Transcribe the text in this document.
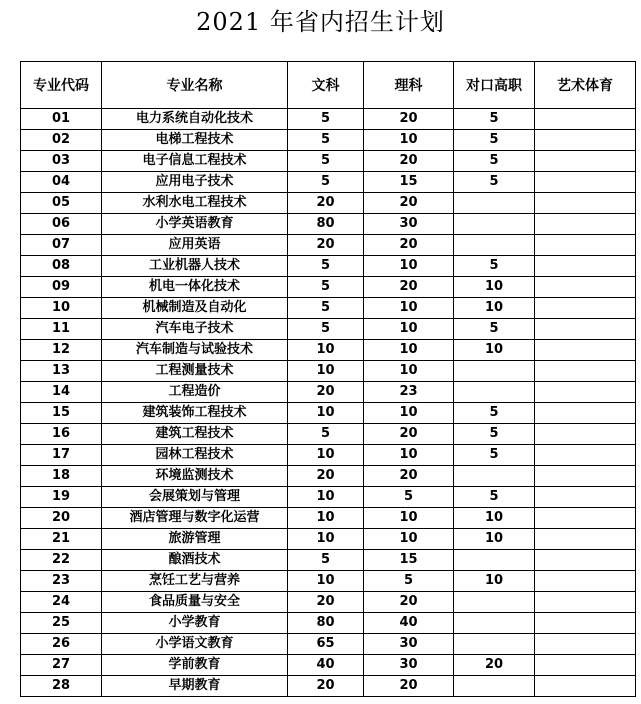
2021 年省内招生计划
专业代码	专业名称	文科	理科	对口高职	艺术体育
01	电力系统自动化技术	5	20	5	
02	电梯工程技术	5	10	5	
03	电子信息工程技术	5	20	5	
04	应用电子技术	5	15	5	
05	水利水电工程技术	20	20		
06	小学英语教育	80	30		
07	应用英语	20	20		
08	工业机器人技术	5	10	5	
09	机电一体化技术	5	20	10	
10	机械制造及自动化	5	10	10	
11	汽车电子技术	5	10	5	
12	汽车制造与试验技术	10	10	10	
13	工程测量技术	10	10		
14	工程造价	20	23		
15	建筑装饰工程技术	10	10	5	
16	建筑工程技术	5	20	5	
17	园林工程技术	10	10	5	
18	环境监测技术	20	20		
19	会展策划与管理	10	5	5	
20	酒店管理与数字化运营	10	10	10	
21	旅游管理	10	10	10	
22	酿酒技术	5	15		
23	烹饪工艺与营养	10	5	10	
24	食品质量与安全	20	20		
25	小学教育	80	40		
26	小学语文教育	65	30		
27	学前教育	40	30	20	
28	早期教育	20	20		
